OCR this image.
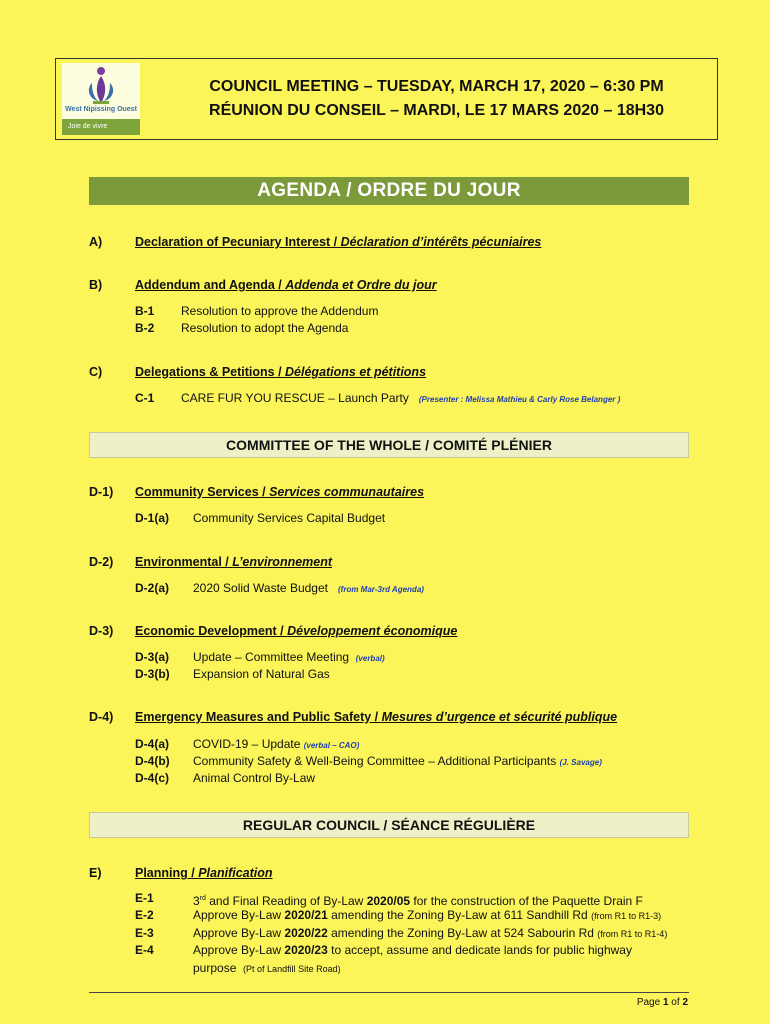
West Nipissing Ouest
Joie de vivre
COUNCIL MEETING – TUESDAY, MARCH 17, 2020 – 6:30 PM
RÉUNION DU CONSEIL – MARDI, LE 17 MARS 2020 – 18H30
AGENDA / ORDRE DU JOUR
A)	Declaration of Pecuniary Interest / Déclaration d’intérêts pécuniaires
B)	Addendum and Agenda / Addenda et Ordre du jour
B-1 Resolution to approve the Addendum
B-2 Resolution to adopt the Agenda
C)	Delegations & Petitions / Délégations et pétitions
C-1 CARE FUR YOU RESCUE – Launch Party (Presenter : Melissa Mathieu & Carly Rose Belanger )
COMMITTEE OF THE WHOLE / COMITÉ PLÉNIER
D-1) Community Services / Services communautaires
D-1(a) Community Services Capital Budget
D-2) Environmental / L’environnement
D-2(a) 2020 Solid Waste Budget (from Mar-3rd Agenda)
D-3) Economic Development / Développement économique
D-3(a) Update – Committee Meeting (verbal)
D-3(b) Expansion of Natural Gas
D-4) Emergency Measures and Public Safety / Mesures d’urgence et sécurité publique
D-4(a) COVID-19 – Update (verbal – CAO)
D-4(b) Community Safety & Well-Being Committee – Additional Participants (J. Savage)
D-4(c) Animal Control By-Law
REGULAR COUNCIL / SÉANCE RÉGULIÈRE
E)	Planning / Planification
E-1	3rd and Final Reading of By-Law 2020/05 for the construction of the Paquette Drain F
E-2	Approve By-Law 2020/21 amending the Zoning By-Law at 611 Sandhill Rd (from R1 to R1-3)
E-3	Approve By-Law 2020/22 amending the Zoning By-Law at 524 Sabourin Rd (from R1 to R1-4)
E-4	Approve By-Law 2020/23 to accept, assume and dedicate lands for public highway
purpose (Pt of Landfill Site Road)
Page 1 of 2
